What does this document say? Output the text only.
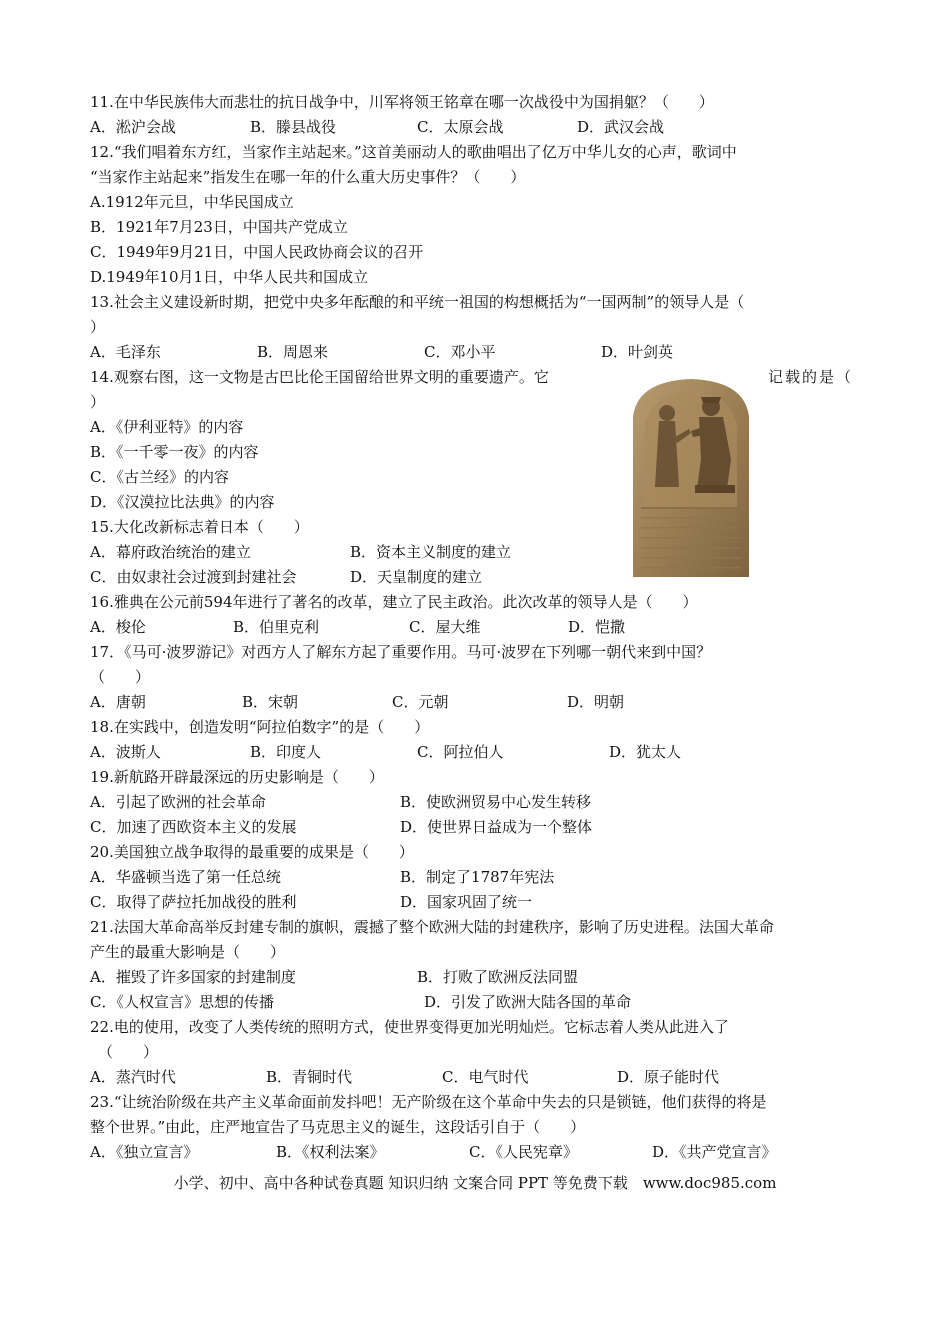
11.在中华民族伟大而悲壮的抗日战争中，川军将领王铭章在哪一次战役中为国捐躯？（　　）
A．淞沪会战	B．滕县战役	C．太原会战	D．武汉会战
12.“我们唱着东方红，当家作主站起来。”这首美丽动人的歌曲唱出了亿万中华儿女的心声，歌词中
“当家作主站起来”指发生在哪一年的什么重大历史事件？（　　）
A.1912年元旦，中华民国成立
B．1921年7月23日，中国共产党成立
C．1949年9月21日，中国人民政协商会议的召开
D.1949年10月1日，中华人民共和国成立
13.社会主义建设新时期，把党中央多年酝酿的和平统一祖国的构想概括为“一国两制”的领导人是（
）
A．毛泽东	B．周恩来	C．邓小平	D．叶剑英
14.观察右图，这一文物是古巴比伦王国留给世界文明的重要遗产。它	记载的是（
）
A．《伊利亚特》的内容
B．《一千零一夜》的内容
C．《古兰经》的内容
D．《汉漠拉比法典》的内容
15.大化改新标志着日本（　　）
A．幕府政治统治的建立	B．资本主义制度的建立
C．由奴隶社会过渡到封建社会	D．天皇制度的建立
16.雅典在公元前594年进行了著名的改革，建立了民主政治。此次改革的领导人是（　　）
A．梭伦	B．伯里克利	C．屋大维	D．恺撒
17．《马可·波罗游记》对西方人了解东方起了重要作用。马可·波罗在下列哪一朝代来到中国？
（　　）
A．唐朝	B．宋朝	C．元朝	D．明朝
18.在实践中，创造发明“阿拉伯数字”的是（　　）
A．波斯人	B．印度人	C．阿拉伯人	D．犹太人
19.新航路开辟最深远的历史影响是（　　）
A．引起了欧洲的社会革命	B．使欧洲贸易中心发生转移
C．加速了西欧资本主义的发展	D．使世界日益成为一个整体
20.美国独立战争取得的最重要的成果是（　　）
A．华盛顿当选了第一任总统	B．制定了1787年宪法
C．取得了萨拉托加战役的胜利	D．国家巩固了统一
21.法国大革命高举反封建专制的旗帜，震撼了整个欧洲大陆的封建秩序，影响了历史进程。法国大革命
产生的最重大影响是（　　）
A．摧毁了许多国家的封建制度	B．打败了欧洲反法同盟
C．《人权宣言》思想的传播	D．引发了欧洲大陆各国的革命
22.电的使用，改变了人类传统的照明方式，使世界变得更加光明灿烂。它标志着人类从此进入了
（　　）
A．蒸汽时代	B．青铜时代	C．电气时代	D．原子能时代
23.“让统治阶级在共产主义革命面前发抖吧！无产阶级在这个革命中失去的只是锁链，他们获得的将是
整个世界。”由此，庄严地宣告了马克思主义的诞生，这段话引自于（　　）
A．《独立宣言》	B．《权利法案》	C．《人民宪章》	D．《共产党宣言》
小学、初中、高中各种试卷真题 知识归纳 文案合同 PPT 等免费下载　www.doc985.com
